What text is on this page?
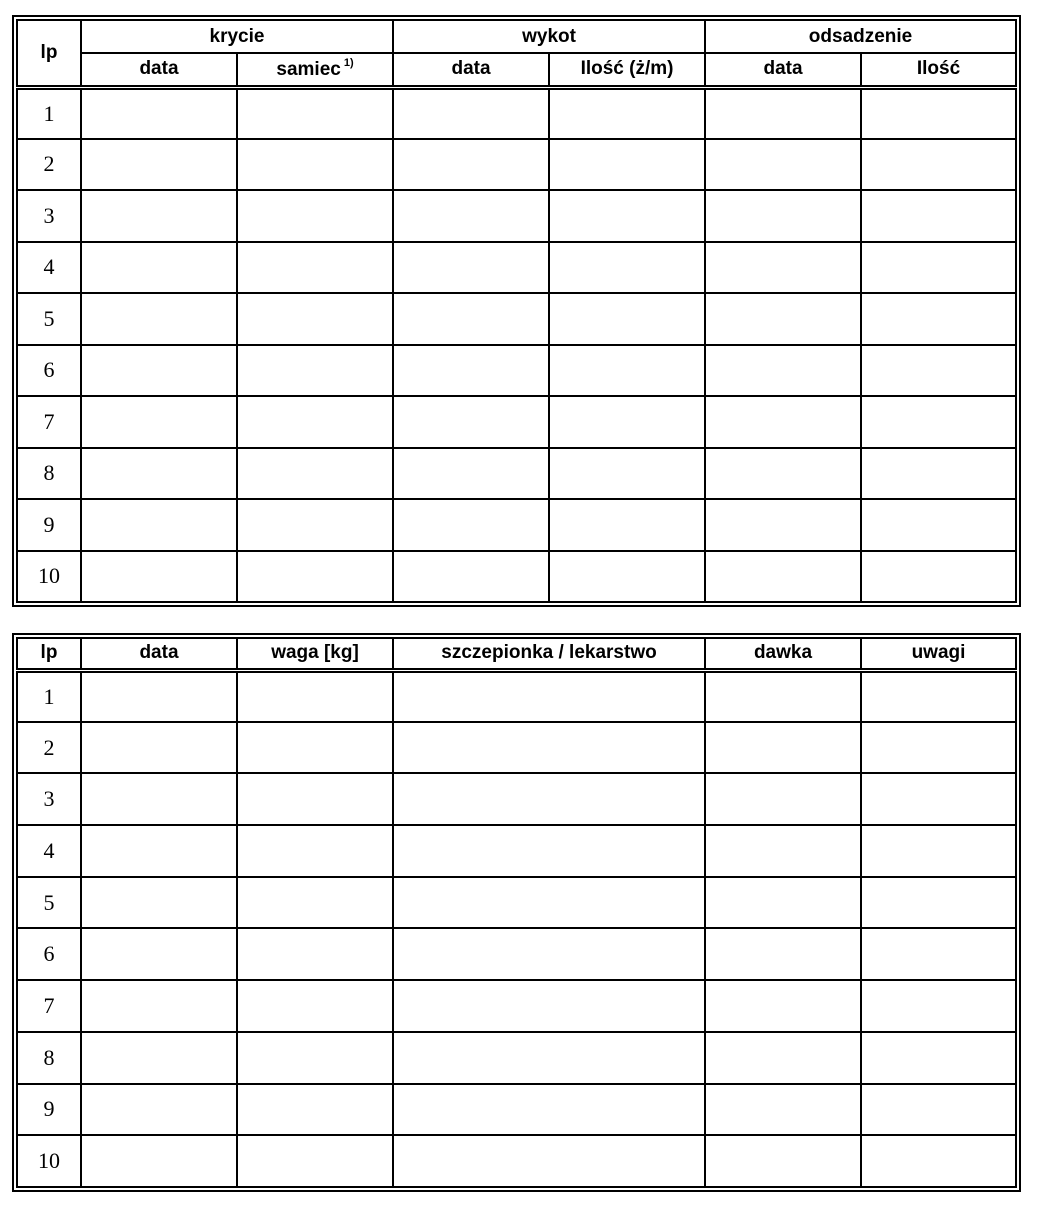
lp	krycie		wykot		odsadzenie	
	data	samiec $^{1)}$	data	Ilość (ż/m)	data	Ilość
1						
2						
3						
4						
5						
6						
7						
8						
9						
10						
lp	data	waga [kg]	szczepionka / lekarstwo	dawka	uwagi
1					
2					
3					
4					
5					
6					
7					
8					
9					
10					
